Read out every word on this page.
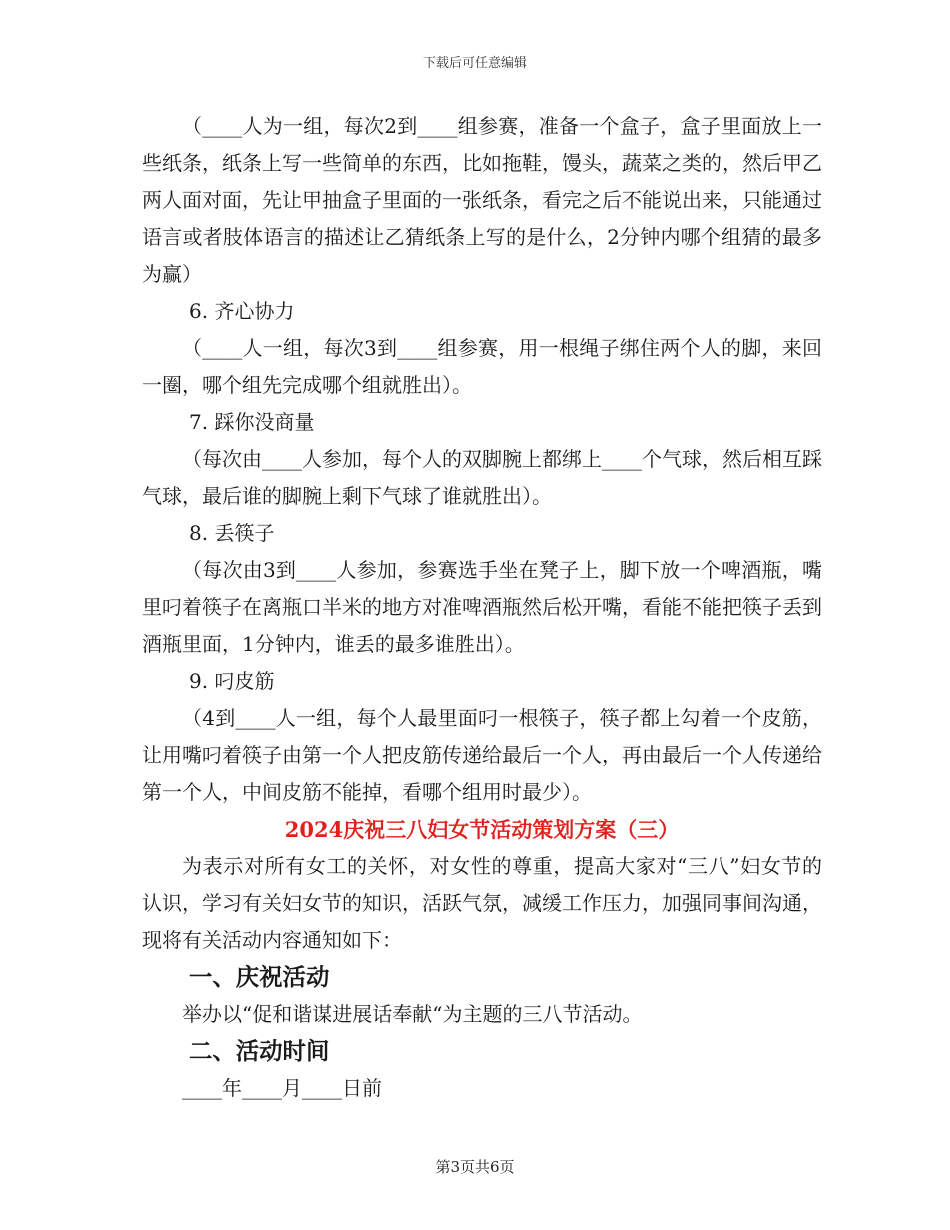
下载后可任意编辑

（____人为一组，每次2到____组参赛，准备一个盒子，盒子里面放上一些纸条，纸条上写一些简单的东西，比如拖鞋，馒头，蔬菜之类的，然后甲乙两人面对面，先让甲抽盒子里面的一张纸条，看完之后不能说出来，只能通过语言或者肢体语言的描述让乙猜纸条上写的是什么，2分钟内哪个组猜的最多为赢）

6. 齐心协力

（____人一组，每次3到____组参赛，用一根绳子绑住两个人的脚，来回一圈，哪个组先完成哪个组就胜出）。

7. 踩你没商量

（每次由____人参加，每个人的双脚腕上都绑上____个气球，然后相互踩气球，最后谁的脚腕上剩下气球了谁就胜出）。

8. 丢筷子

（每次由3到____人参加，参赛选手坐在凳子上，脚下放一个啤酒瓶，嘴里叼着筷子在离瓶口半米的地方对准啤酒瓶然后松开嘴，看能不能把筷子丢到酒瓶里面，1分钟内，谁丢的最多谁胜出）。

9. 叼皮筋

（4到____人一组，每个人最里面叼一根筷子，筷子都上勾着一个皮筋，让用嘴叼着筷子由第一个人把皮筋传递给最后一个人，再由最后一个人传递给第一个人，中间皮筋不能掉，看哪个组用时最少）。

2024庆祝三八妇女节活动策划方案（三）

为表示对所有女工的关怀，对女性的尊重，提高大家对“三八”妇女节的认识，学习有关妇女节的知识，活跃气氛，减缓工作压力，加强同事间沟通，现将有关活动内容通知如下：

一、庆祝活动

举办以“促和谐谋进展话奉献“为主题的三八节活动。

二、活动时间

____年____月____日前

第3页共6页
